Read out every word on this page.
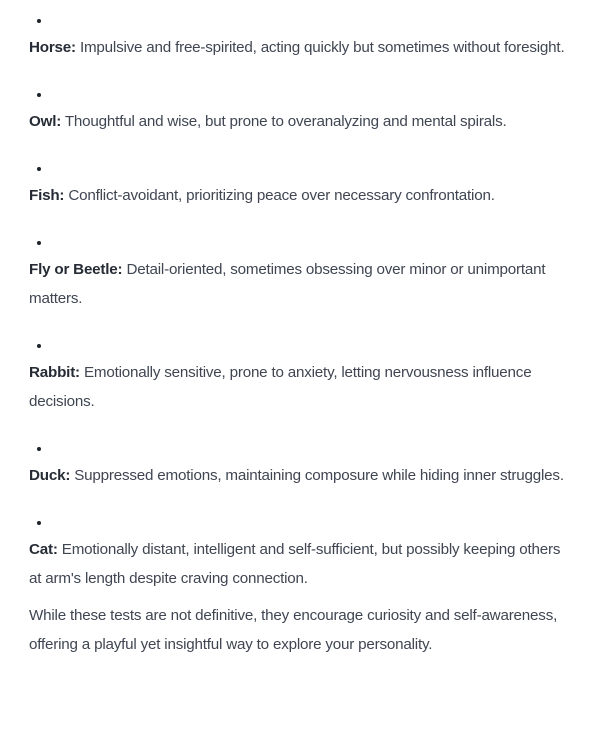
Horse: Impulsive and free-spirited, acting quickly but sometimes without foresight.

Owl: Thoughtful and wise, but prone to overanalyzing and mental spirals.

Fish: Conflict-avoidant, prioritizing peace over necessary confrontation.

Fly or Beetle: Detail-oriented, sometimes obsessing over minor or unimportant matters.

Rabbit: Emotionally sensitive, prone to anxiety, letting nervousness influence decisions.

Duck: Suppressed emotions, maintaining composure while hiding inner struggles.

Cat: Emotionally distant, intelligent and self-sufficient, but possibly keeping others at arm's length despite craving connection.

While these tests are not definitive, they encourage curiosity and self-awareness, offering a playful yet insightful way to explore your personality.
